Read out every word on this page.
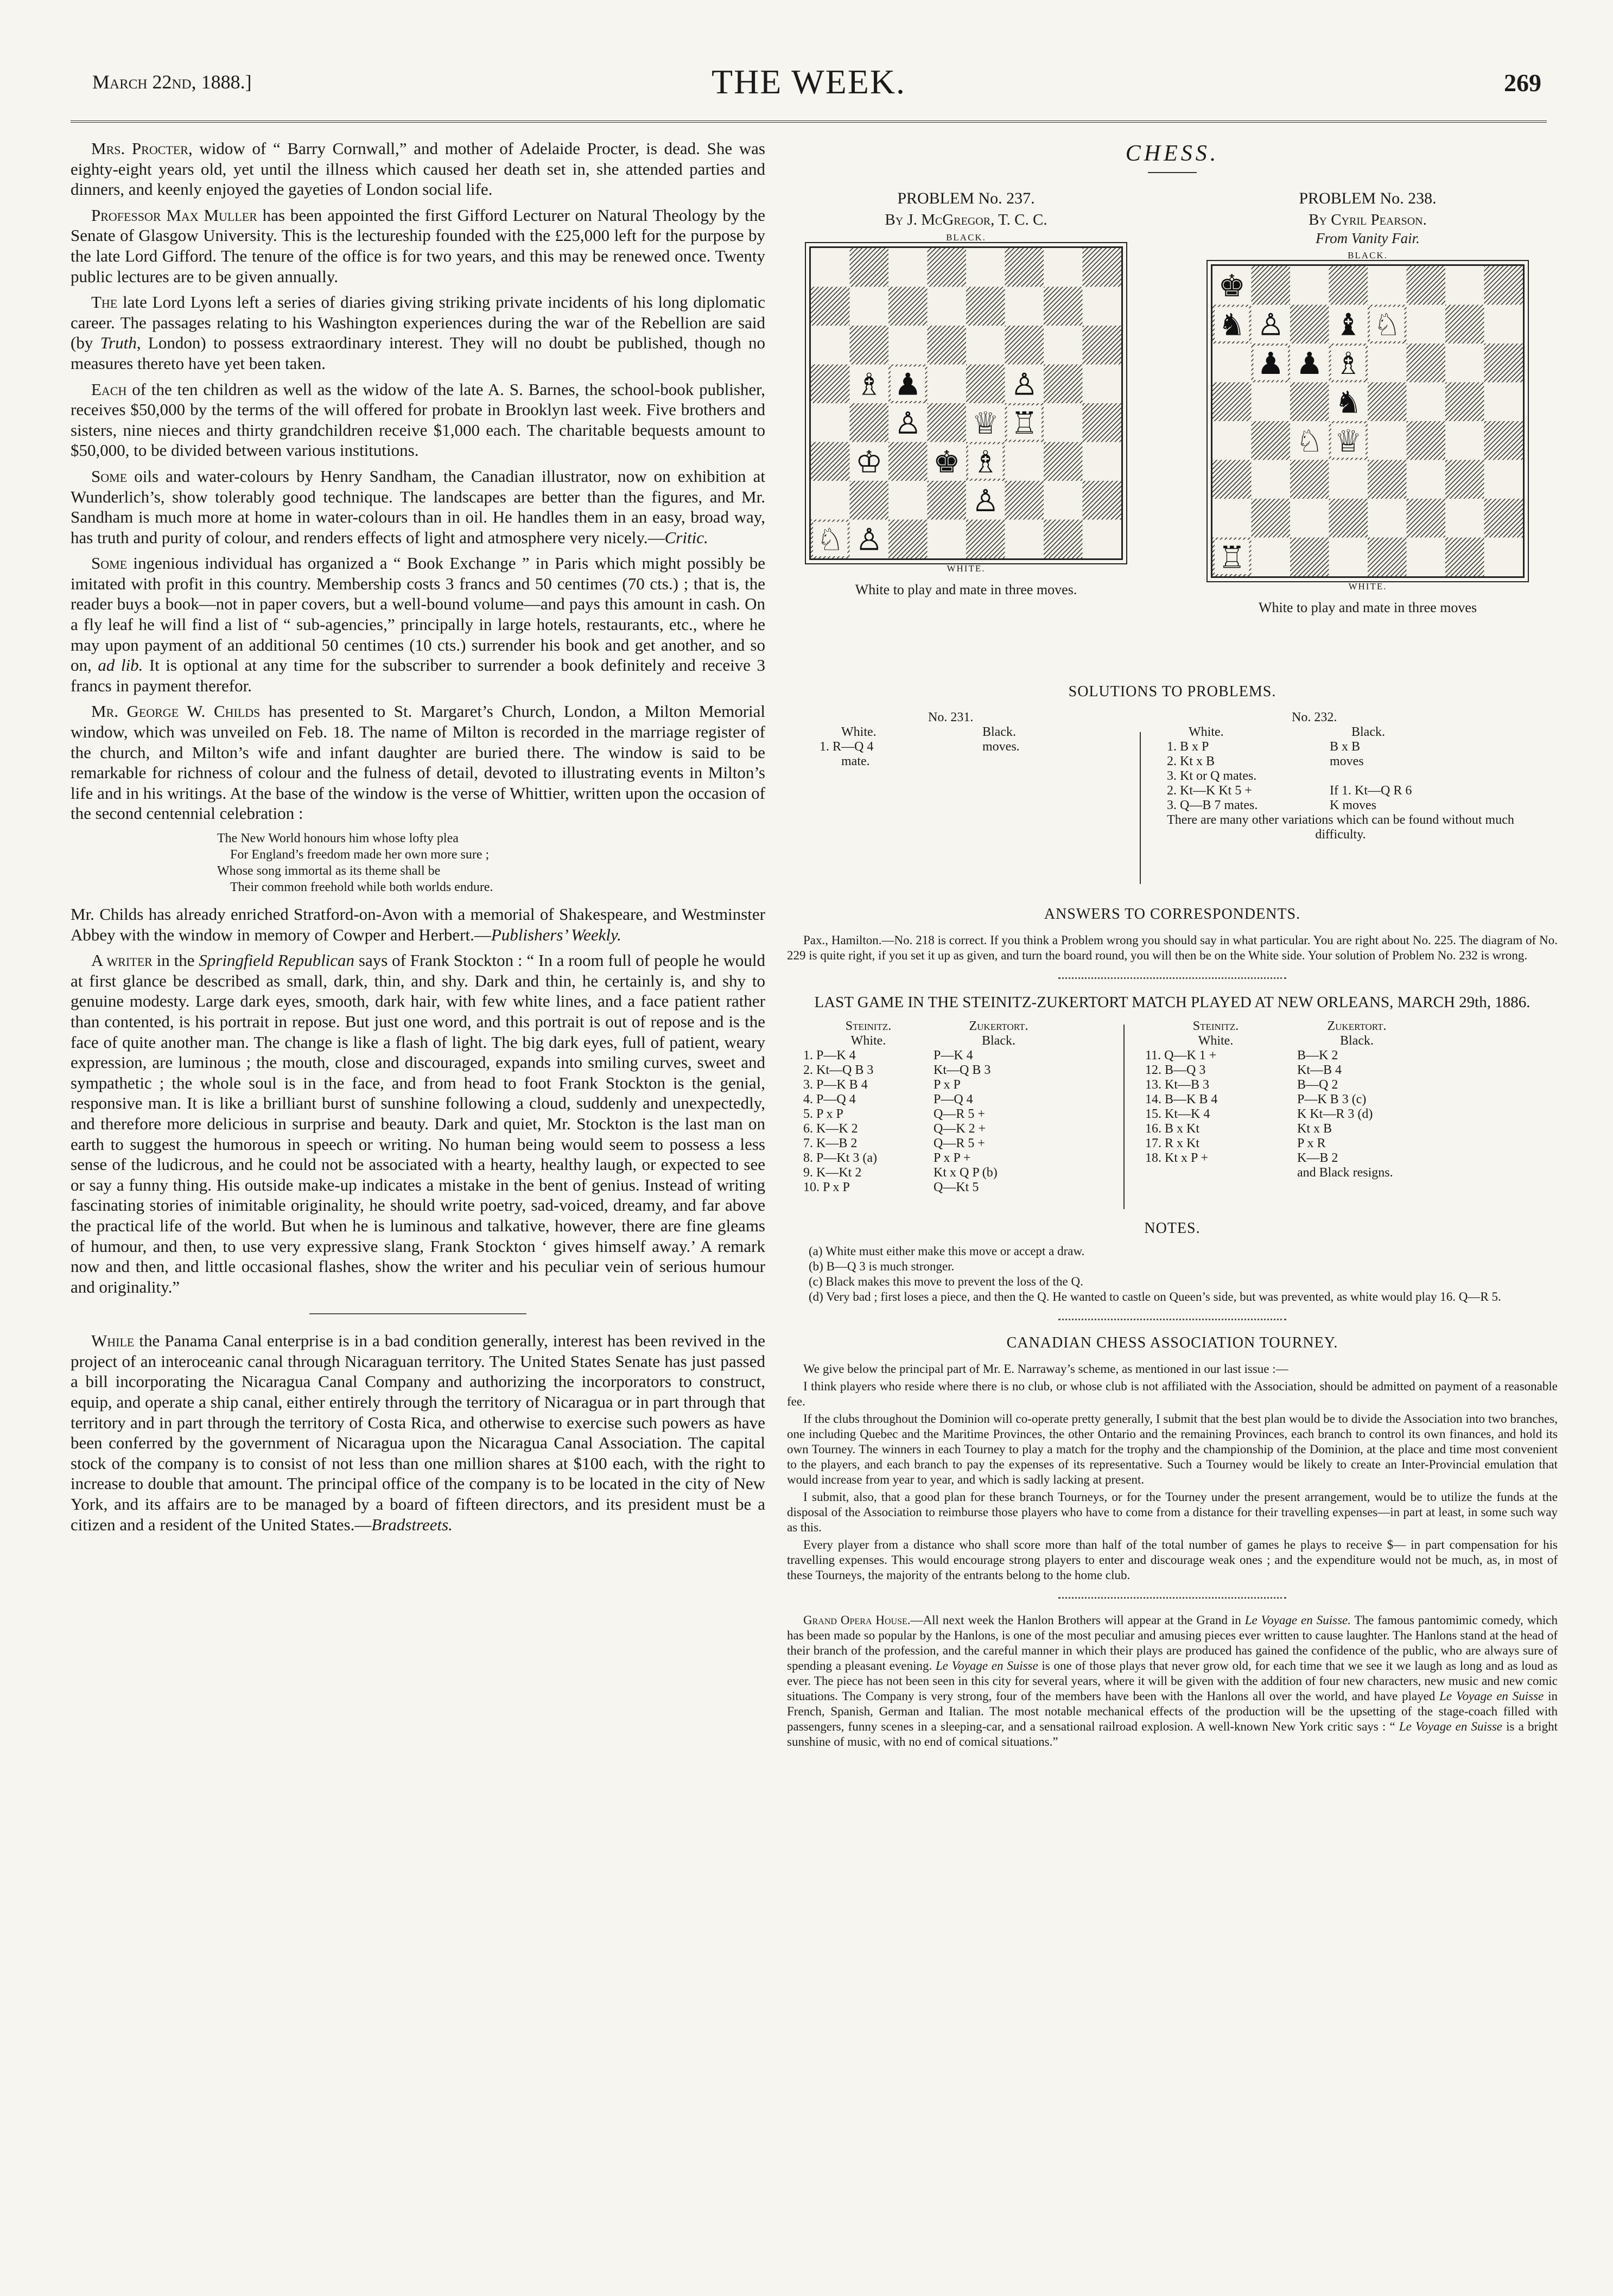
March 22nd, 1888.]	THE WEEK.	269

Mrs. Procter, widow of “ Barry Cornwall,” and mother of Adelaide Procter, is dead. She was eighty-eight years old, yet until the illness which caused her death set in, she attended parties and dinners, and keenly enjoyed the gayeties of London social life.

Professor Max Muller has been appointed the first Gifford Lecturer on Natural Theology by the Senate of Glasgow University. This is the lectureship founded with the £25,000 left for the purpose by the late Lord Gifford. The tenure of the office is for two years, and this may be renewed once. Twenty public lectures are to be given annually.

The late Lord Lyons left a series of diaries giving striking private incidents of his long diplomatic career. The passages relating to his Washington experiences during the war of the Rebellion are said (by Truth, London) to possess extraordinary interest. They will no doubt be published, though no measures thereto have yet been taken.

Each of the ten children as well as the widow of the late A. S. Barnes, the school-book publisher, receives $50,000 by the terms of the will offered for probate in Brooklyn last week. Five brothers and sisters, nine nieces and thirty grandchildren receive $1,000 each. The charitable bequests amount to $50,000, to be divided between various institutions.

Some oils and water-colours by Henry Sandham, the Canadian illustrator, now on exhibition at Wunderlich’s, show tolerably good technique. The landscapes are better than the figures, and Mr. Sandham is much more at home in water-colours than in oil. He handles them in an easy, broad way, has truth and purity of colour, and renders effects of light and atmosphere very nicely.—Critic.

Some ingenious individual has organized a “ Book Exchange ” in Paris which might possibly be imitated with profit in this country. Membership costs 3 francs and 50 centimes (70 cts.) ; that is, the reader buys a book—not in paper covers, but a well-bound volume—and pays this amount in cash. On a fly leaf he will find a list of “ sub-agencies,” principally in large hotels, restaurants, etc., where he may upon payment of an additional 50 centimes (10 cts.) surrender his book and get another, and so on, ad lib. It is optional at any time for the subscriber to surrender a book definitely and receive 3 francs in payment therefor.

Mr. George W. Childs has presented to St. Margaret’s Church, London, a Milton Memorial window, which was unveiled on Feb. 18. The name of Milton is recorded in the marriage register of the church, and Milton’s wife and infant daughter are buried there. The window is said to be remarkable for richness of colour and the fulness of detail, devoted to illustrating events in Milton’s life and in his writings. At the base of the window is the verse of Whittier, written upon the occasion of the second centennial celebration :

The New World honours him whose lofty plea
For England’s freedom made her own more sure ;
Whose song immortal as its theme shall be
Their common freehold while both worlds endure.

Mr. Childs has already enriched Stratford-on-Avon with a memorial of Shakespeare, and Westminster Abbey with the window in memory of Cowper and Herbert.—Publishers’ Weekly.

A writer in the Springfield Republican says of Frank Stockton : “ In a room full of people he would at first glance be described as small, dark, thin, and shy. Dark and thin, he certainly is, and shy to genuine modesty. Large dark eyes, smooth, dark hair, with few white lines, and a face patient rather than contented, is his portrait in repose. But just one word, and this portrait is out of repose and is the face of quite another man. The change is like a flash of light. The big dark eyes, full of patient, weary expression, are luminous ; the mouth, close and discouraged, expands into smiling curves, sweet and sympathetic ; the whole soul is in the face, and from head to foot Frank Stockton is the genial, responsive man. It is like a brilliant burst of sunshine following a cloud, suddenly and unexpectedly, and therefore more delicious in surprise and beauty. Dark and quiet, Mr. Stockton is the last man on earth to suggest the humorous in speech or writing. No human being would seem to possess a less sense of the ludicrous, and he could not be associated with a hearty, healthy laugh, or expected to see or say a funny thing. His outside make-up indicates a mistake in the bent of genius. Instead of writing fascinating stories of inimitable originality, he should write poetry, sad-voiced, dreamy, and far above the practical life of the world. But when he is luminous and talkative, however, there are fine gleams of humour, and then, to use very expressive slang, Frank Stockton ‘ gives himself away.’ A remark now and then, and little occasional flashes, show the writer and his peculiar vein of serious humour and originality.”

While the Panama Canal enterprise is in a bad condition generally, interest has been revived in the project of an interoceanic canal through Nicaraguan territory. The United States Senate has just passed a bill incorporating the Nicaragua Canal Company and authorizing the incorporators to construct, equip, and operate a ship canal, either entirely through the territory of Nicaragua or in part through that territory and in part through the territory of Costa Rica, and otherwise to exercise such powers as have been conferred by the government of Nicaragua upon the Nicaragua Canal Association. The capital stock of the company is to consist of not less than one million shares at $100 each, with the right to increase to double that amount. The principal office of the company is to be located in the city of New York, and its affairs are to be managed by a board of fifteen directors, and its president must be a citizen and a resident of the United States.—Bradstreets.

CHESS.
PROBLEM No. 237.
By J. McGregor, T. C. C.
BLACK.
♗ ♟	♙
♙ ♕ ♖
♔ ♚ ♗
♙
♘ ♙
WHITE.
White to play and mate in three moves.
PROBLEM No. 238.
By Cyril Pearson.
From Vanity Fair.
BLACK.
♚
♞ ♙ ♝ ♘
♟ ♟ ♗
♞
♘ ♕
♖
WHITE.
White to play and mate in three moves
SOLUTIONS TO PROBLEMS.
No. 231.
White.	Black.
1. R—Q 4	moves.
mate.
No. 232.
White.	Black.
1. B x P	B x B
2. Kt x B	moves
3. Kt or Q mates.
2. Kt—K Kt 5 +	If 1. Kt—Q R 6
3. Q—B 7 mates.	K moves
There are many other variations which can be found without much difficulty.
ANSWERS TO CORRESPONDENTS.

Pax., Hamilton.—No. 218 is correct. If you think a Problem wrong you should say in what particular. You are right about No. 225. The diagram of No. 229 is quite right, if you set it up as given, and turn the board round, you will then be on the White side. Your solution of Problem No. 232 is wrong.

LAST GAME IN THE STEINITZ-ZUKERTORT MATCH PLAYED AT NEW ORLEANS, MARCH 29th, 1886.
Steinitz.	Zukertort.
White.	Black.
1. P—K 4	P—K 4
2. Kt—Q B 3	Kt—Q B 3
3. P—K B 4	P x P
4. P—Q 4	P—Q 4
5. P x P	Q—R 5 +
6. K—K 2	Q—K 2 +
7. K—B 2	Q—R 5 +
8. P—Kt 3 (a)	P x P +
9. K—Kt 2	Kt x Q P (b)
10. P x P	Q—Kt 5
Steinitz.	Zukertort.
White.	Black.
11. Q—K 1 +	B—K 2
12. B—Q 3	Kt—B 4
13. Kt—B 3	B—Q 2
14. B—K B 4	P—K B 3 (c)
15. Kt—K 4	K Kt—R 3 (d)
16. B x Kt	Kt x B
17. R x Kt	P x R
18. Kt x P +	K—B 2
and Black resigns.
NOTES.

(a) White must either make this move or accept a draw.

(b) B—Q 3 is much stronger.

(c) Black makes this move to prevent the loss of the Q.

(d) Very bad ; first loses a piece, and then the Q. He wanted to castle on Queen’s side, but was prevented, as white would play 16. Q—R 5.

CANADIAN CHESS ASSOCIATION TOURNEY.

We give below the principal part of Mr. E. Narraway’s scheme, as mentioned in our last issue :—

I think players who reside where there is no club, or whose club is not affiliated with the Association, should be admitted on payment of a reasonable fee.

If the clubs throughout the Dominion will co-operate pretty generally, I submit that the best plan would be to divide the Association into two branches, one including Quebec and the Maritime Provinces, the other Ontario and the remaining Provinces, each branch to control its own finances, and hold its own Tourney. The winners in each Tourney to play a match for the trophy and the championship of the Dominion, at the place and time most convenient to the players, and each branch to pay the expenses of its representative. Such a Tourney would be likely to create an Inter-Provincial emulation that would increase from year to year, and which is sadly lacking at present.

I submit, also, that a good plan for these branch Tourneys, or for the Tourney under the present arrangement, would be to utilize the funds at the disposal of the Association to reimburse those players who have to come from a distance for their travelling expenses—in part at least, in some such way as this.

Every player from a distance who shall score more than half of the total number of games he plays to receive $— in part compensation for his travelling expenses. This would encourage strong players to enter and discourage weak ones ; and the expenditure would not be much, as, in most of these Tourneys, the majority of the entrants belong to the home club.

Grand Opera House.—All next week the Hanlon Brothers will appear at the Grand in Le Voyage en Suisse. The famous pantomimic comedy, which has been made so popular by the Hanlons, is one of the most peculiar and amusing pieces ever written to cause laughter. The Hanlons stand at the head of their branch of the profession, and the careful manner in which their plays are produced has gained the confidence of the public, who are always sure of spending a pleasant evening. Le Voyage en Suisse is one of those plays that never grow old, for each time that we see it we laugh as long and as loud as ever. The piece has not been seen in this city for several years, where it will be given with the addition of four new characters, new music and new comic situations. The Company is very strong, four of the members have been with the Hanlons all over the world, and have played Le Voyage en Suisse in French, Spanish, German and Italian. The most notable mechanical effects of the production will be the upsetting of the stage-coach filled with passengers, funny scenes in a sleeping-car, and a sensational railroad explosion. A well-known New York critic says : “ Le Voyage en Suisse is a bright sunshine of music, with no end of comical situations.”
